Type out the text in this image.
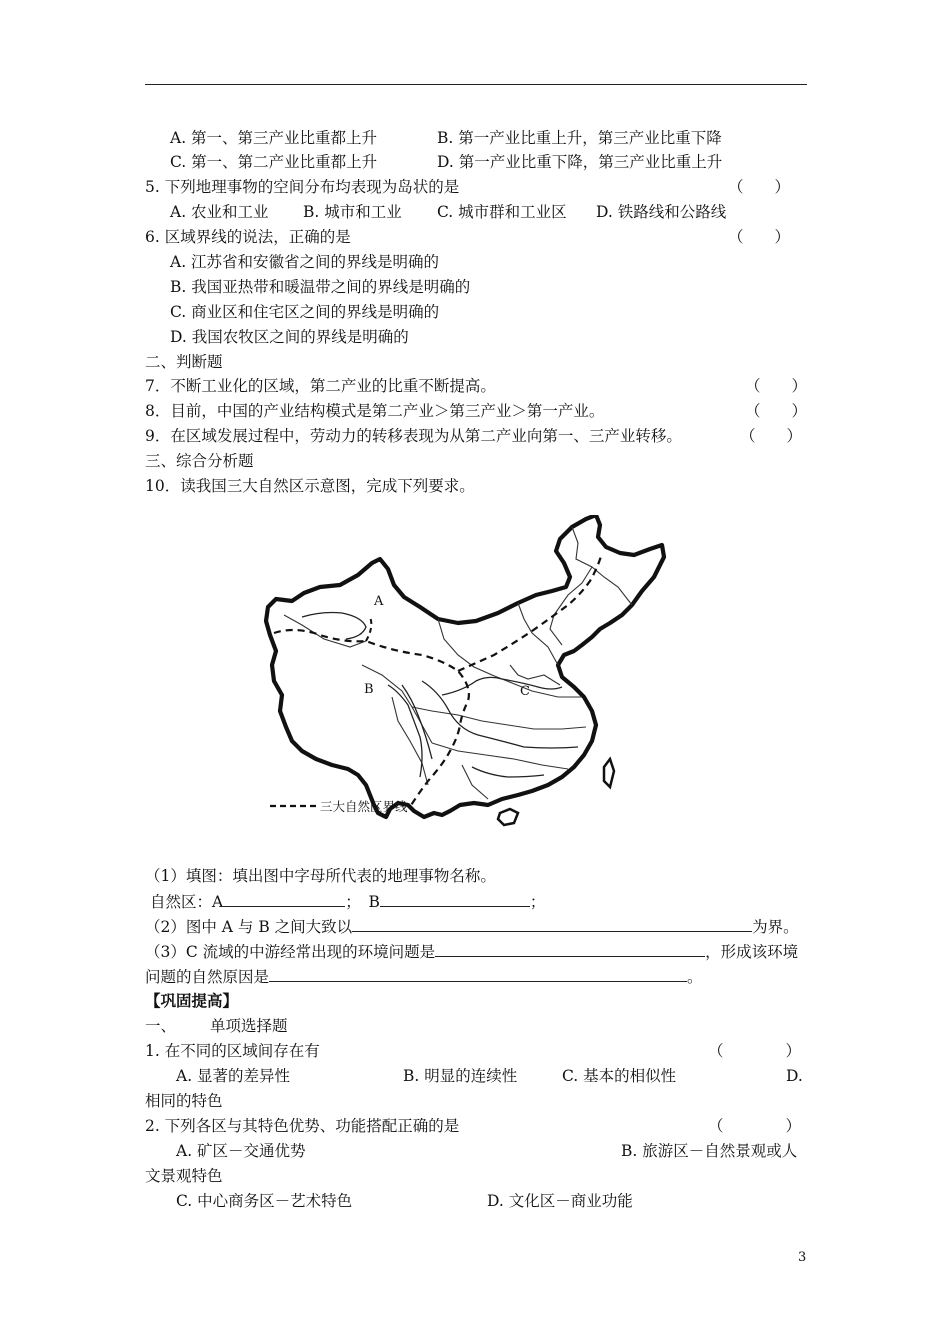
A. 第一、第三产业比重都上升	B. 第一产业比重上升，第三产业比重下降
C. 第一、第二产业比重都上升	D. 第一产业比重下降，第三产业比重上升
5. 下列地理事物的空间分布均表现为岛状的是	（　　）
A. 农业和工业 B. 城市和工业 C. 城市群和工业区 D. 铁路线和公路线
6. 区域界线的说法，正确的是	（　　）
A. 江苏省和安徽省之间的界线是明确的
B. 我国亚热带和暖温带之间的界线是明确的
C. 商业区和住宅区之间的界线是明确的
D. 我国农牧区之间的界线是明确的
二、判断题
7．不断工业化的区域，第二产业的比重不断提高。	（　　）
8．目前，中国的产业结构模式是第二产业＞第三产业＞第一产业。	（　　）
9．在区域发展过程中，劳动力的转移表现为从第二产业向第一、三产业转移。	（　　）
三、综合分析题
10．读我国三大自然区示意图，完成下列要求。
A
B	C
三大自然区界线
（1）填图：填出图中字母所代表的地理事物名称。
自然区：A	；　B	；
（2）图中 A 与 B 之间大致以	为界。
（3）C 流域的中游经常出现的环境问题是	，形成该环境
问题的自然原因是	。
【巩固提高】
一、 单项选择题
1. 在不同的区域间存在有	（　　　　）
A. 显著的差异性	B. 明显的连续性	C. 基本的相似性	D.
相同的特色
2. 下列各区与其特色优势、功能搭配正确的是	（　　　　）
A. 矿区－交通优势	B. 旅游区－自然景观或人
文景观特色
C. 中心商务区－艺术特色	D. 文化区－商业功能
3
